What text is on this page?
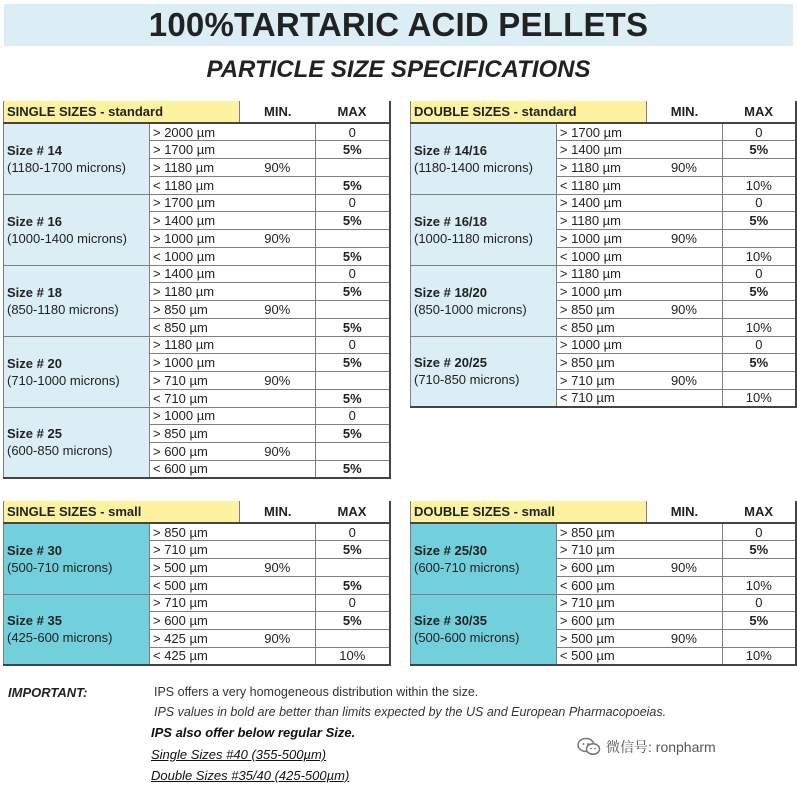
100%TARTARIC ACID PELLETS
PARTICLE SIZE SPECIFICATIONS
SINGLE SIZES - standard		MIN.	MAX
Size # 14
(1180-1700 microns)	> 2000 µm		0
	> 1700 µm		5%
	> 1180 µm	90%	
	< 1180 µm		5%
Size # 16
(1000-1400 microns)	> 1700 µm		0
	> 1400 µm		5%
	> 1000 µm	90%	
	< 1000 µm		5%
Size # 18
(850-1180 microns)	> 1400 µm		0
	> 1180 µm		5%
	> 850 µm	90%	
	< 850 µm		5%
Size # 20
(710-1000 microns)	> 1180 µm		0
	> 1000 µm		5%
	> 710 µm	90%	
	< 710 µm		5%
Size # 25
(600-850 microns)	> 1000 µm		0
	> 850 µm		5%
	> 600 µm	90%	
	< 600 µm		5%
DOUBLE SIZES - standard		MIN.	MAX
Size # 14/16
(1180-1400 microns)	> 1700 µm		0
	> 1400 µm		5%
	> 1180 µm	90%	
	< 1180 µm		10%
Size # 16/18
(1000-1180 microns)	> 1400 µm		0
	> 1180 µm		5%
	> 1000 µm	90%	
	< 1000 µm		10%
Size # 18/20
(850-1000 microns)	> 1180 µm		0
	> 1000 µm		5%
	> 850 µm	90%	
	< 850 µm		10%
Size # 20/25
(710-850 microns)	> 1000 µm		0
	> 850 µm		5%
	> 710 µm	90%	
	< 710 µm		10%
SINGLE SIZES - small		MIN.	MAX
Size # 30
(500-710 microns)	> 850 µm		0
	> 710 µm		5%
	> 500 µm	90%	
	< 500 µm		5%
Size # 35
(425-600 microns)	> 710 µm		0
	> 600 µm		5%
	> 425 µm	90%	
	< 425 µm		10%
DOUBLE SIZES - small		MIN.	MAX
Size # 25/30
(600-710 microns)	> 850 µm		0
	> 710 µm		5%
	> 600 µm	90%	
	< 600 µm		10%
Size # 30/35
(500-600 microns)	> 710 µm		0
	> 600 µm		5%
	> 500 µm	90%	
	< 500 µm		10%
IMPORTANT:	IPS offers a very homogeneous distribution within the size.
IPS values in bold are better than limits expected by the US and European Pharmacopoeias.
IPS also offer below regular Size.
Single Sizes #40 (355-500µm)
Double Sizes #35/40 (425-500µm)
微信号: ronpharm
